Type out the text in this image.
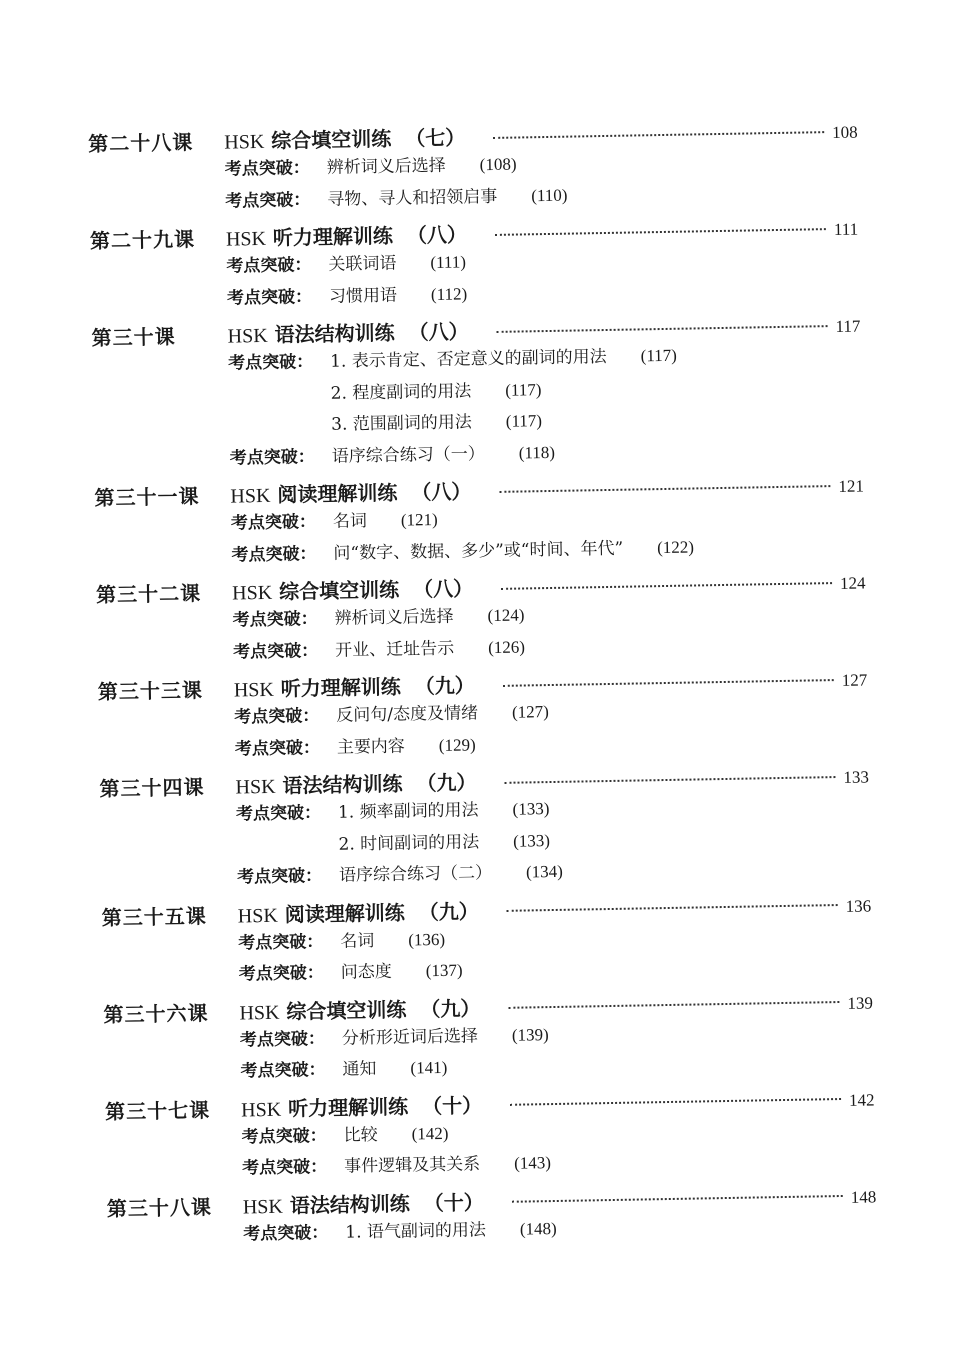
第二十八课	HSK 综合填空训练 （七）	108
考点突破： 辨析词义后选择 (108)
考点突破： 寻物、寻人和招领启事 (110)
第二十九课	HSK 听力理解训练 （八）	111
考点突破： 关联词语 (111)
考点突破： 习惯用语 (112)
第三十课	HSK 语法结构训练 （八）	117
考点突破： 1. 表示肯定、否定意义的副词的用法 (117)
2. 程度副词的用法 (117)
3. 范围副词的用法 (117)
考点突破： 语序综合练习（一） (118)
第三十一课	HSK 阅读理解训练 （八）	121
考点突破： 名词 (121)
考点突破： 问“数字、数据、多少”或“时间、年代” (122)
第三十二课	HSK 综合填空训练 （八）	124
考点突破： 辨析词义后选择 (124)
考点突破： 开业、迁址告示 (126)
第三十三课	HSK 听力理解训练 （九）	127
考点突破： 反问句/态度及情绪 (127)
考点突破： 主要内容 (129)
第三十四课	HSK 语法结构训练 （九）	133
考点突破： 1. 频率副词的用法 (133)
2. 时间副词的用法 (133)
考点突破： 语序综合练习（二） (134)
第三十五课	HSK 阅读理解训练 （九）	136
考点突破： 名词 (136)
考点突破： 问态度 (137)
第三十六课	HSK 综合填空训练 （九）	139
考点突破： 分析形近词后选择 (139)
考点突破： 通知 (141)
第三十七课	HSK 听力理解训练 （十）	142
考点突破： 比较 (142)
考点突破： 事件逻辑及其关系 (143)
第三十八课	HSK 语法结构训练 （十）	148
考点突破： 1. 语气副词的用法 (148)
